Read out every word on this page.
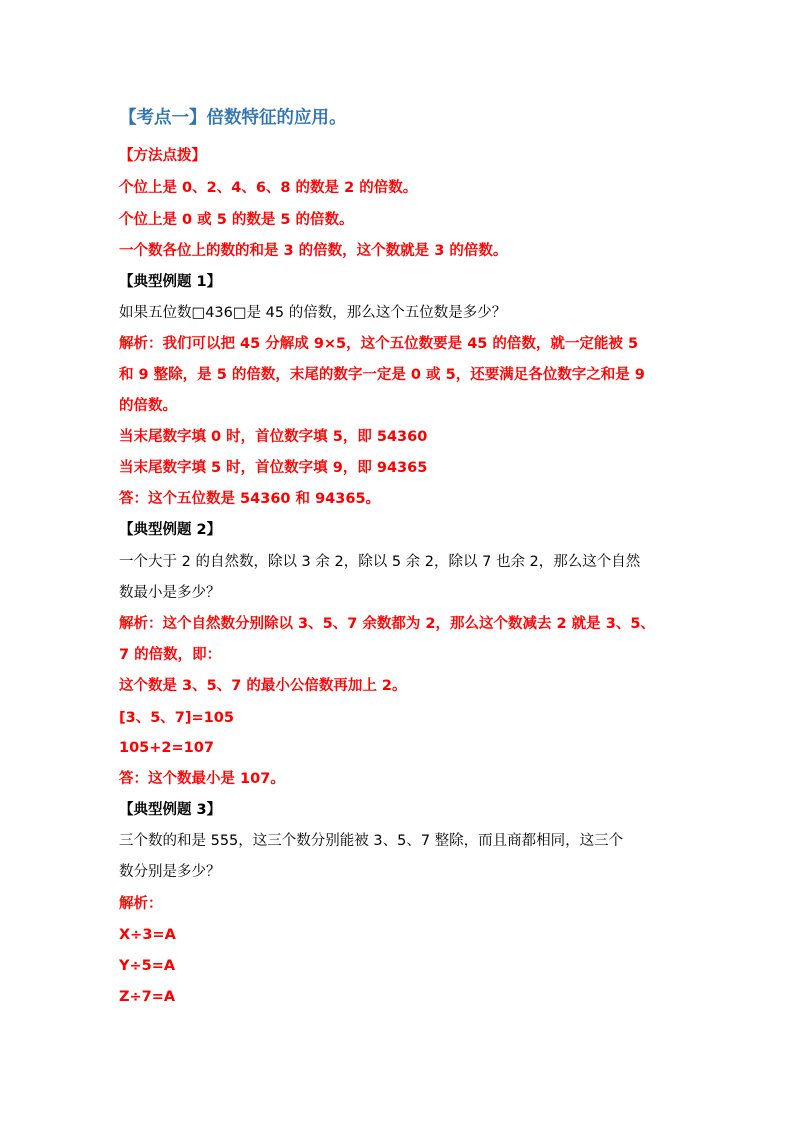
【考点一】倍数特征的应用。
【方法点拨】
个位上是 0、2、4、6、8 的数是 2 的倍数。
个位上是 0 或 5 的数是 5 的倍数。
一个数各位上的数的和是 3 的倍数，这个数就是 3 的倍数。
【典型例题 1】
如果五位数□436□是 45 的倍数，那么这个五位数是多少？
解析：我们可以把 45 分解成 9×5，这个五位数要是 45 的倍数，就一定能被 5
和 9 整除，是 5 的倍数，末尾的数字一定是 0 或 5，还要满足各位数字之和是 9
的倍数。
当末尾数字填 0 时，首位数字填 5，即 54360
当末尾数字填 5 时，首位数字填 9，即 94365
答：这个五位数是 54360 和 94365。
【典型例题 2】
一个大于 2 的自然数，除以 3 余 2，除以 5 余 2，除以 7 也余 2，那么这个自然
数最小是多少？
解析：这个自然数分别除以 3、5、7 余数都为 2，那么这个数减去 2 就是 3、5、
7 的倍数，即：
这个数是 3、5、7 的最小公倍数再加上 2。
[3、5、7]=105
105+2=107
答：这个数最小是 107。
【典型例题 3】
三个数的和是 555，这三个数分别能被 3、5、7 整除，而且商都相同，这三个
数分别是多少？
解析：
X÷3=A
Y÷5=A
Z÷7=A
